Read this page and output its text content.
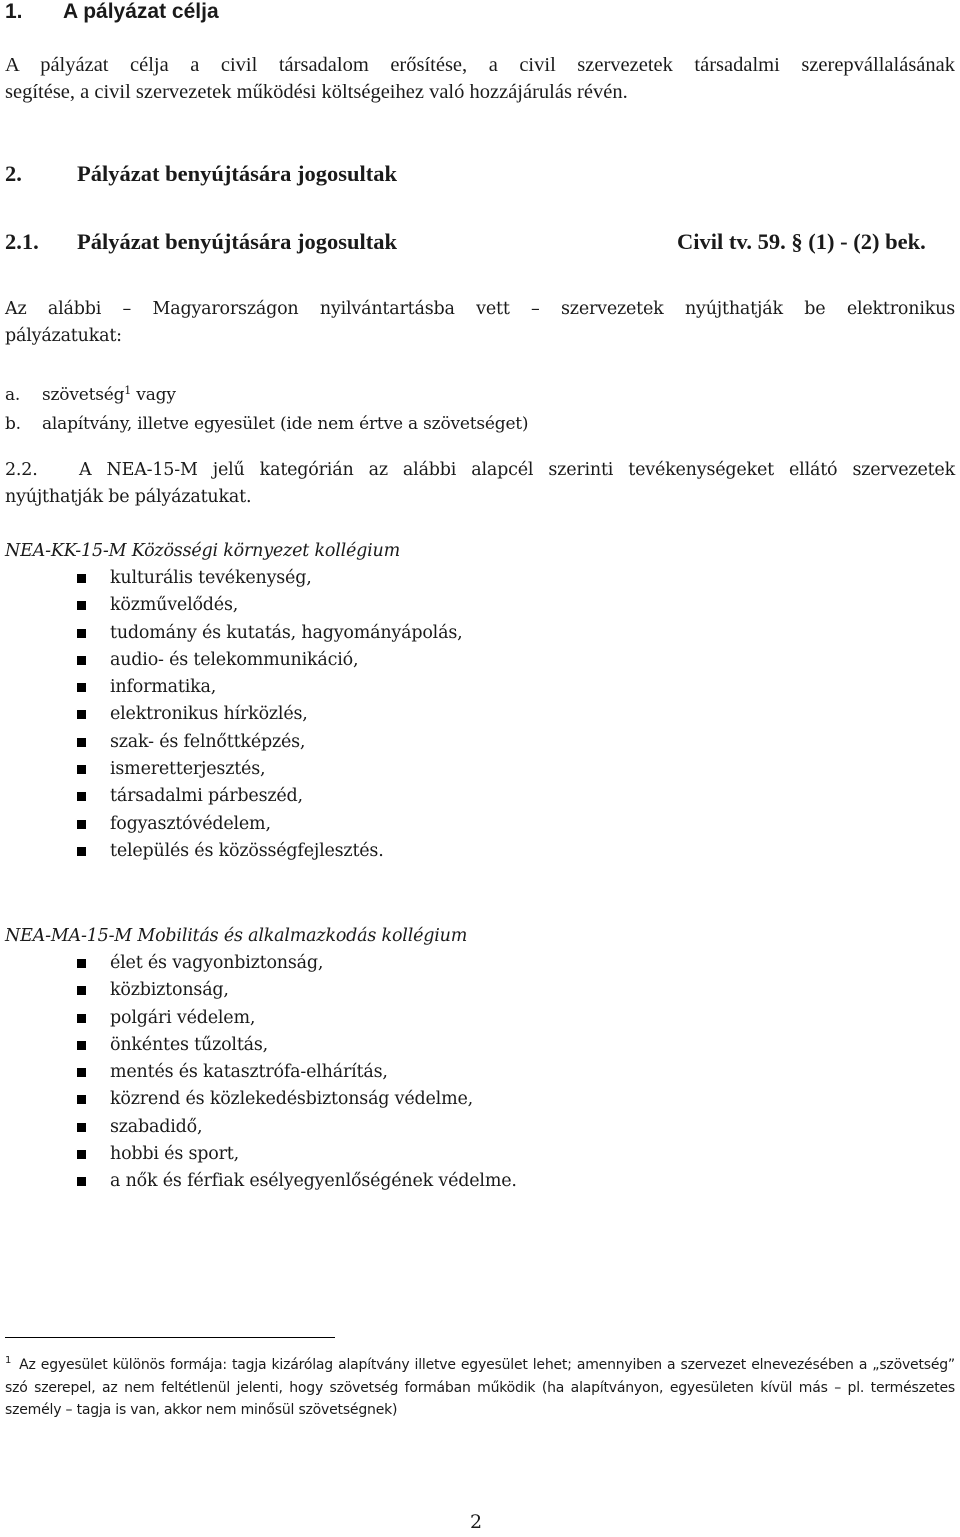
1. A pályázat célja
A pályázat célja a civil társadalom erősítése, a civil szervezetek társadalmi szerepvállalásának
segítése, a civil szervezetek működési költségeihez való hozzájárulás révén.
2. Pályázat benyújtására jogosultak
2.1. Pályázat benyújtására jogosultak	Civil tv. 59. § (1) - (2) bek.
Az alábbi – Magyarországon nyilvántartásba vett – szervezetek nyújthatják be elektronikus
pályázatukat:
a. szövetség$^1$ vagy
b. alapítvány, illetve egyesület (ide nem értve a szövetséget)
2.2. A NEA-15-M jelű kategórián az alábbi alapcél szerinti tevékenységeket ellátó szervezetek
nyújthatják be pályázatukat.
NEA-KK-15-M Közösségi környezet kollégium
kulturális tevékenység,
közművelődés,
tudomány és kutatás, hagyományápolás,
audio- és telekommunikáció,
informatika,
elektronikus hírközlés,
szak- és felnőttképzés,
ismeretterjesztés,
társadalmi párbeszéd,
fogyasztóvédelem,
település és közösségfejlesztés.
NEA-MA-15-M Mobilitás és alkalmazkodás kollégium
élet és vagyonbiztonság,
közbiztonság,
polgári védelem,
önkéntes tűzoltás,
mentés és katasztrófa-elhárítás,
közrend és közlekedésbiztonság védelme,
szabadidő,
hobbi és sport,
a nők és férfiak esélyegyenlőségének védelme.
$^1$ Az egyesület különös formája: tagja kizárólag alapítvány illetve egyesület lehet; amennyiben a szervezet elnevezésében a „szövetség” szó szerepel, az nem feltétlenül jelenti, hogy szövetség formában működik (ha alapítványon, egyesületen kívül más – pl. természetes személy – tagja is van, akkor nem minősül szövetségnek)
2
